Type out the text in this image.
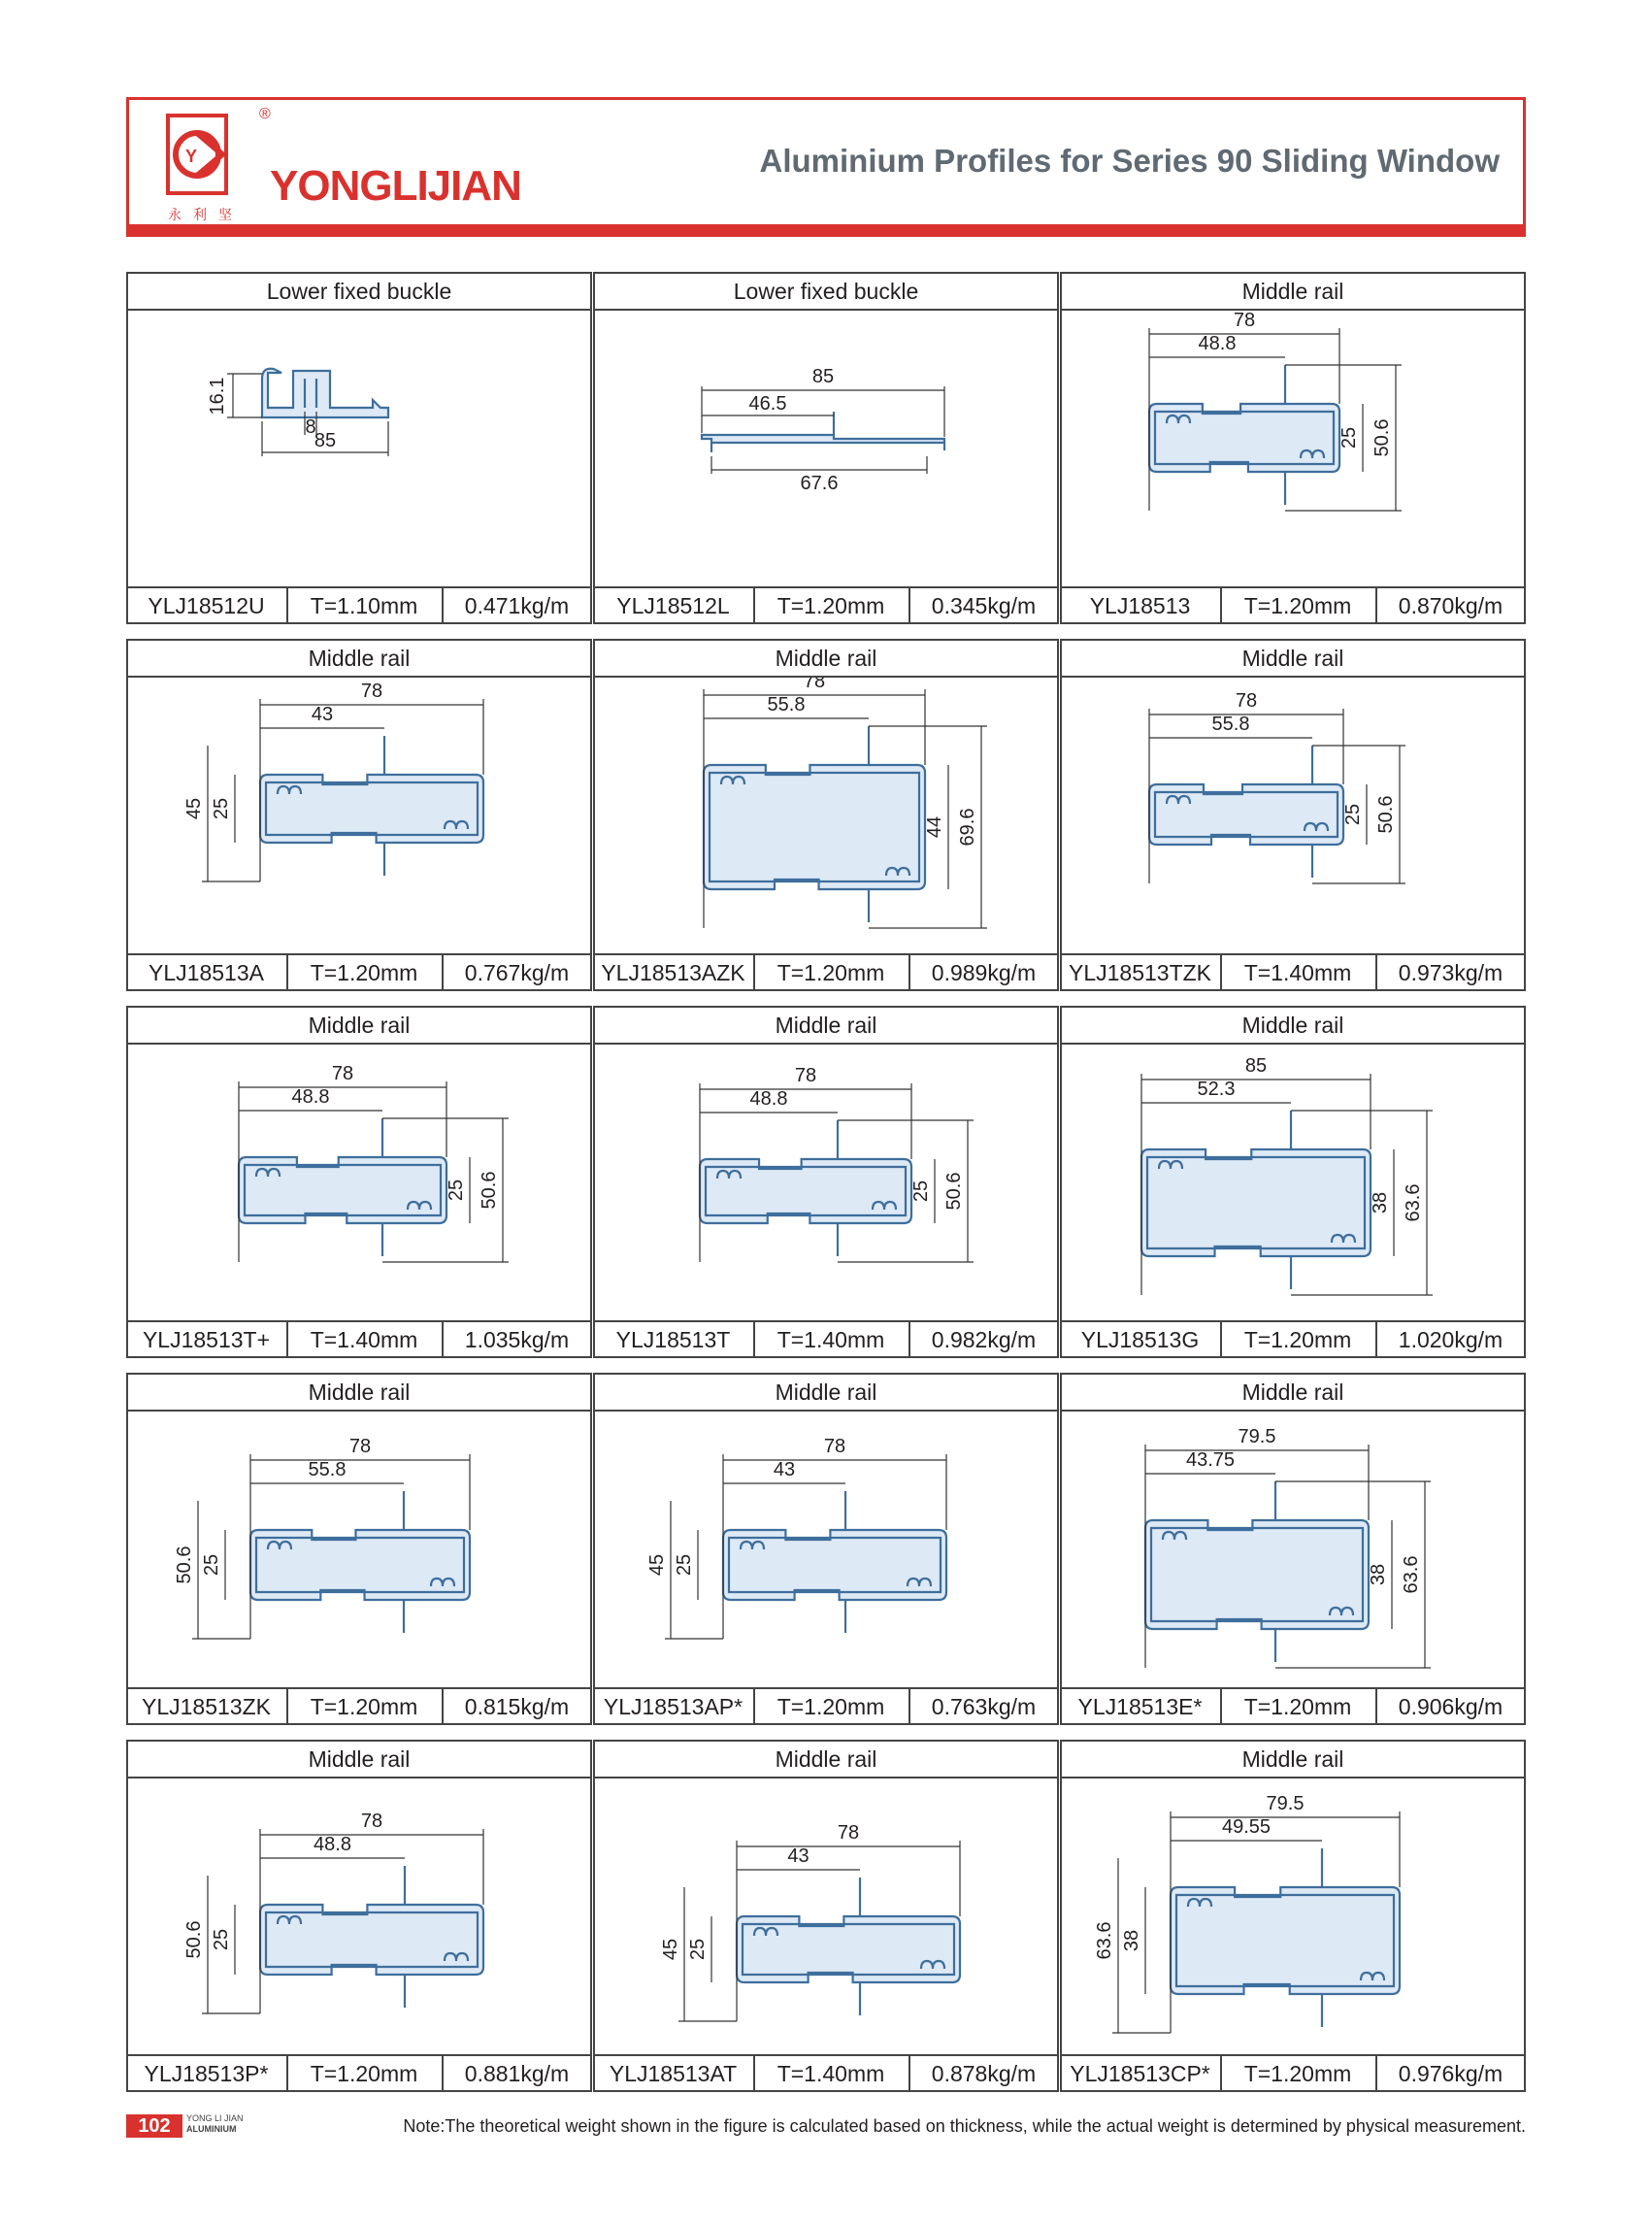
Y
®
永利坚
YONGLIJIAN
Aluminium Profiles for Series 90 Sliding Window
Lower fixed buckle
16.1
8
85
YLJ18512U	T=1.10mm	0.471kg/m
Lower fixed buckle
85
46.5
67.6
YLJ18512L	T=1.20mm	0.345kg/m
Middle rail
78
48.8
25 50.6
YLJ18513	T=1.20mm	0.870kg/m
Middle rail
78
43
45 25
YLJ18513A	T=1.20mm	0.767kg/m
Middle rail
78
55.8
44 69.6
YLJ18513AZK	T=1.20mm	0.989kg/m
Middle rail
78
55.8
25 50.6
YLJ18513TZK	T=1.40mm	0.973kg/m
Middle rail
78
48.8
25 50.6
YLJ18513T+	T=1.40mm	1.035kg/m
Middle rail
78
48.8
25 50.6
YLJ18513T	T=1.40mm	0.982kg/m
Middle rail
85
52.3
38 63.6
YLJ18513G	T=1.20mm	1.020kg/m
Middle rail
78
55.8
50.6 25
YLJ18513ZK	T=1.20mm	0.815kg/m
Middle rail
78
43
45 25
YLJ18513AP*	T=1.20mm	0.763kg/m
Middle rail
79.5
43.75
38 63.6
YLJ18513E*	T=1.20mm	0.906kg/m
Middle rail
78
48.8
50.6 25
YLJ18513P*	T=1.20mm	0.881kg/m
Middle rail
78
43
45 25
YLJ18513AT	T=1.40mm	0.878kg/m
Middle rail
79.5
49.55
63.6 38
YLJ18513CP*	T=1.20mm	0.976kg/m
102	YONG LI JIAN
ALUMINIUM	Note:The theoretical weight shown in the figure is calculated based on thickness, while the actual weight is determined by physical measurement.
